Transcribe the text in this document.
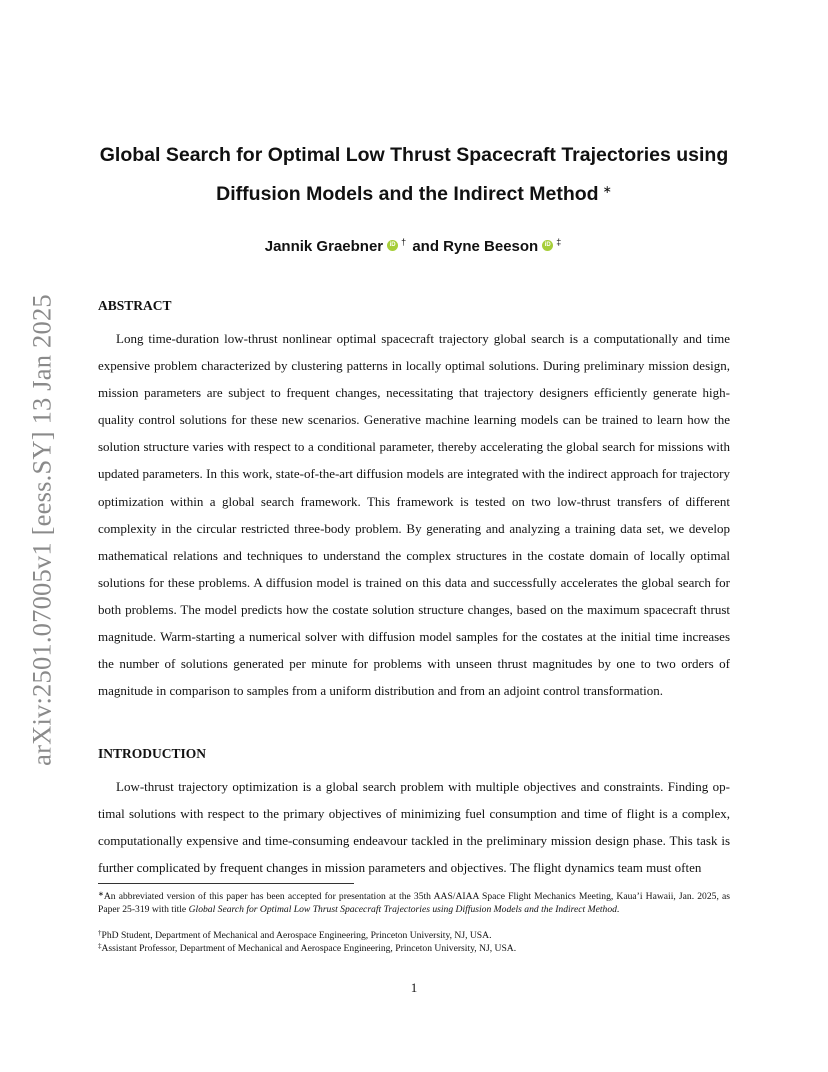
arXiv:2501.07005v1 [eess.SY] 13 Jan 2025
Global Search for Optimal Low Thrust Spacecraft Trajectories using
Diffusion Models and the Indirect Method ∗
Jannik Graebner iD † and Ryne Beeson iD ‡
ABSTRACT

Long time-duration low-thrust nonlinear optimal spacecraft trajectory global search is a computationally and time expensive problem characterized by clustering patterns in locally optimal solutions. During preliminary mission design, mission parameters are subject to frequent changes, necessitating that trajectory designers efficiently generate high-quality control solutions for these new scenarios. Generative machine learning models can be trained to learn how the solution structure varies with respect to a conditional parameter, thereby accelerating the global search for missions with updated parameters. In this work, state-of-the-art diffusion models are integrated with the indirect approach for trajectory optimization within a global search framework. This framework is tested on two low-thrust transfers of different complexity in the circular restricted three-body problem. By generating and analyzing a training data set, we develop mathematical relations and techniques to understand the complex structures in the costate domain of locally optimal solutions for these problems. A diffusion model is trained on this data and successfully accelerates the global search for both problems. The model predicts how the costate solution structure changes, based on the maximum spacecraft thrust magnitude. Warm-starting a numerical solver with diffusion model samples for the costates at the initial time increases the number of solutions generated per minute for problems with unseen thrust magnitudes by one to two orders of magnitude in comparison to samples from a uniform distribution and from an adjoint control transformation.

INTRODUCTION

Low-thrust trajectory optimization is a global search problem with multiple objectives and constraints. Finding optimal solutions with respect to the primary objectives of minimizing fuel consumption and time of flight is a complex, computationally expensive and time-consuming endeavour tackled in the preliminary mission design phase. This task is further complicated by frequent changes in mission parameters and objectives. The flight dynamics team must often

∗An abbreviated version of this paper has been accepted for presentation at the 35th AAS/AIAA Space Flight Mechanics Meeting, Kaua’i Hawaii, Jan. 2025, as Paper 25-319 with title Global Search for Optimal Low Thrust Spacecraft Trajectories using Diffusion Models and the Indirect Method.
†PhD Student, Department of Mechanical and Aerospace Engineering, Princeton University, NJ, USA.
‡Assistant Professor, Department of Mechanical and Aerospace Engineering, Princeton University, NJ, USA.
1
